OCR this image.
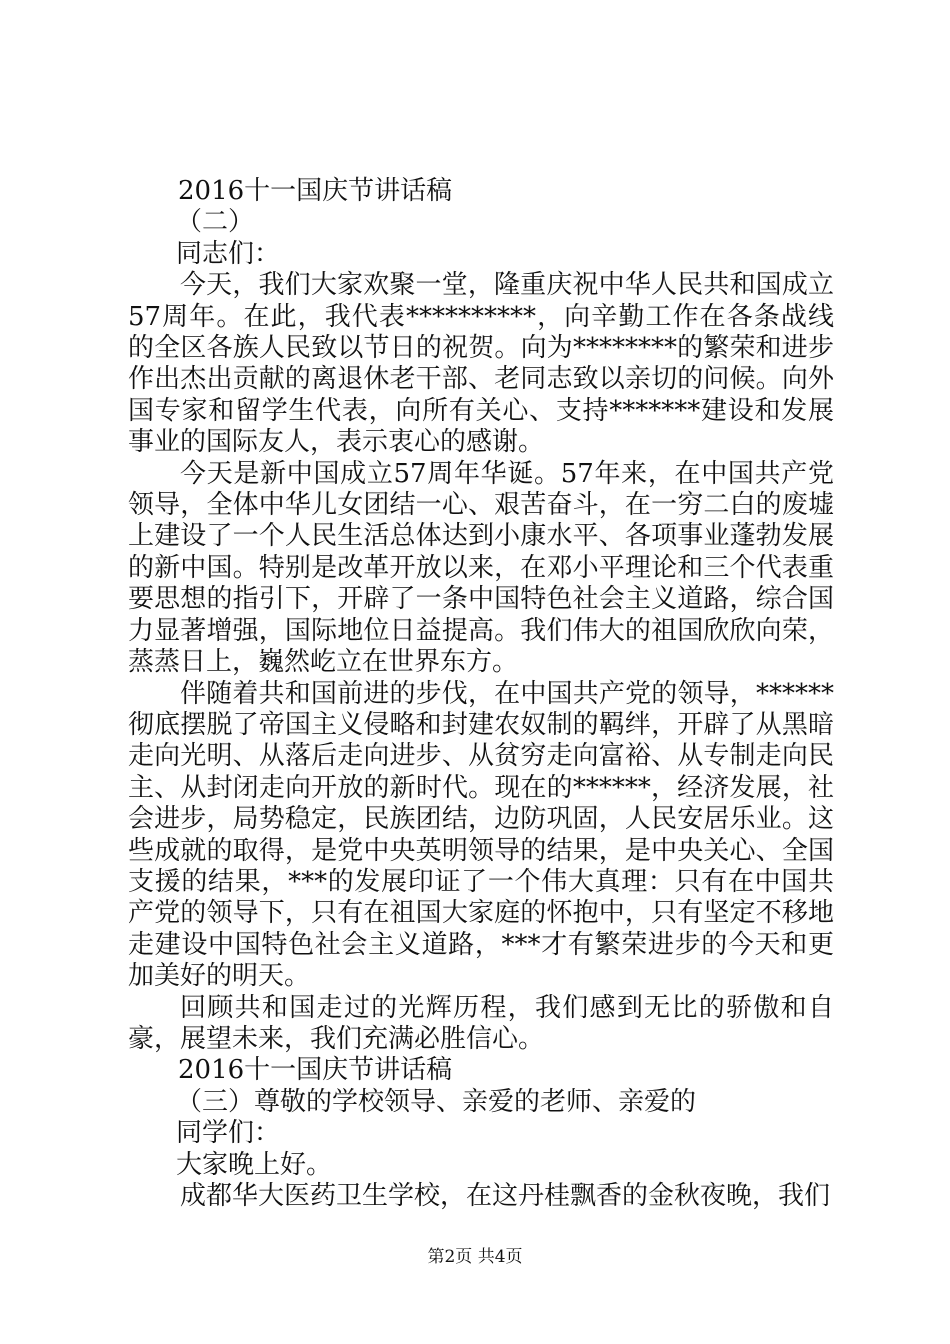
2016十一国庆节讲话稿

（二）

同志们：

今天，我们大家欢聚一堂，隆重庆祝中华人民共和国成立57周年。在此，我代表**********，向辛勤工作在各条战线的全区各族人民致以节日的祝贺。向为********的繁荣和进步作出杰出贡献的离退休老干部、老同志致以亲切的问候。向外国专家和留学生代表，向所有关心、支持*******建设和发展事业的国际友人，表示衷心的感谢。

今天是新中国成立57周年华诞。57年来，在中国共产党领导，全体中华儿女团结一心、艰苦奋斗，在一穷二白的废墟上建设了一个人民生活总体达到小康水平、各项事业蓬勃发展的新中国。特别是改革开放以来，在邓小平理论和三个代表重要思想的指引下，开辟了一条中国特色社会主义道路，综合国力显著增强，国际地位日益提高。我们伟大的祖国欣欣向荣，蒸蒸日上，巍然屹立在世界东方。

伴随着共和国前进的步伐，在中国共产党的领导，******彻底摆脱了帝国主义侵略和封建农奴制的羁绊，开辟了从黑暗走向光明、从落后走向进步、从贫穷走向富裕、从专制走向民主、从封闭走向开放的新时代。现在的******，经济发展，社会进步，局势稳定，民族团结，边防巩固，人民安居乐业。这些成就的取得，是党中央英明领导的结果，是中央关心、全国支援的结果，***的发展印证了一个伟大真理：只有在中国共产党的领导下，只有在祖国大家庭的怀抱中，只有坚定不移地走建设中国特色社会主义道路，***才有繁荣进步的今天和更加美好的明天。

回顾共和国走过的光辉历程，我们感到无比的骄傲和自豪，展望未来，我们充满必胜信心。

2016十一国庆节讲话稿

（三）尊敬的学校领导、亲爱的老师、亲爱的

同学们：

大家晚上好。

成都华大医药卫生学校，在这丹桂飘香的金秋夜晚，我们

第2页 共4页
